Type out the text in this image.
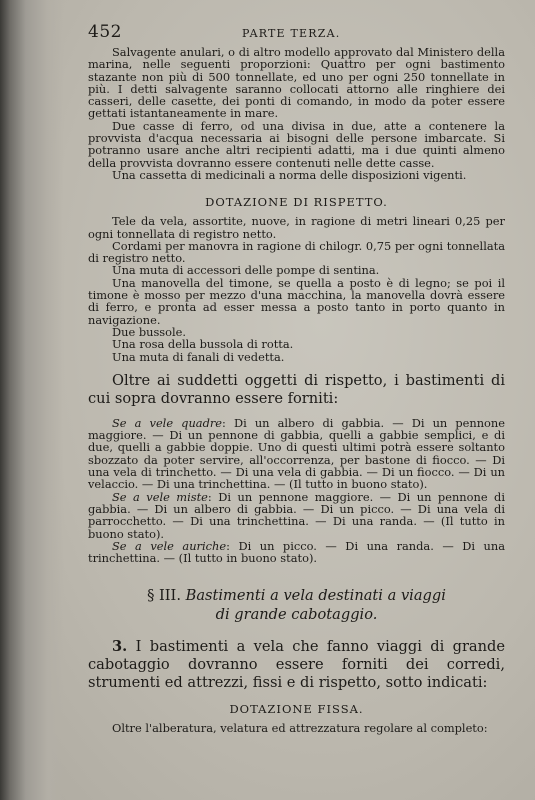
452	PARTE TERZA.

Salvagente anulari, o di altro modello approvato dal Ministero della marina, nelle seguenti proporzioni: Quattro per ogni bastimento stazante non più di 500 tonnellate, ed uno per ogni 250 tonnellate in più. I detti salvagente saranno collocati attorno alle ringhiere dei casseri, delle casette, dei ponti di comando, in modo da poter essere gettati istantaneamente in mare.

Due casse di ferro, od una divisa in due, atte a contenere la provvista d'acqua necessaria ai bisogni delle persone imbarcate. Si potranno usare anche altri recipienti adatti, ma i due quinti almeno della provvista dovranno essere contenuti nelle dette casse.

Una cassetta di medicinali a norma delle disposizioni vigenti.

DOTAZIONE DI RISPETTO.

Tele da vela, assortite, nuove, in ragione di metri lineari 0,25 per ogni tonnellata di registro netto.

Cordami per manovra in ragione di chilogr. 0,75 per ogni tonnellata di registro netto.

Una muta di accessori delle pompe di sentina.

Una manovella del timone, se quella a posto è di legno; se poi il timone è mosso per mezzo d'una macchina, la manovella dovrà essere di ferro, e pronta ad esser messa a posto tanto in porto quanto in navigazione.

Due bussole.

Una rosa della bussola di rotta.

Una muta di fanali di vedetta.

Oltre ai suddetti oggetti di rispetto, i bastimenti di cui sopra dovranno essere forniti:

Se a vele quadre: Di un albero di gabbia. — Di un pennone maggiore. — Di un pennone di gabbia, quelli a gabbie semplici, e di due, quelli a gabbie doppie. Uno di questi ultimi potrà essere soltanto sbozzato da poter servire, all'occorrenza, per bastone di fiocco. — Di una vela di trinchetto. — Di una vela di gabbia. — Di un fiocco. — Di un velaccio. — Di una trinchettina. — (Il tutto in buono stato).

Se a vele miste: Di un pennone maggiore. — Di un pennone di gabbia. — Di un albero di gabbia. — Di un picco. — Di una vela di parrocchetto. — Di una trinchettina. — Di una randa. — (Il tutto in buono stato).

Se a vele auriche: Di un picco. — Di una randa. — Di una trinchettina. — (Il tutto in buono stato).

§ III. Bastimenti a vela destinati a viaggi
di grande cabotaggio.

3. I bastimenti a vela che fanno viaggi di grande cabotaggio dovranno essere forniti dei corredi, strumenti ed attrezzi, fissi e di rispetto, sotto indicati:

DOTAZIONE FISSA.

Oltre l'alberatura, velatura ed attrezzatura regolare al completo:
